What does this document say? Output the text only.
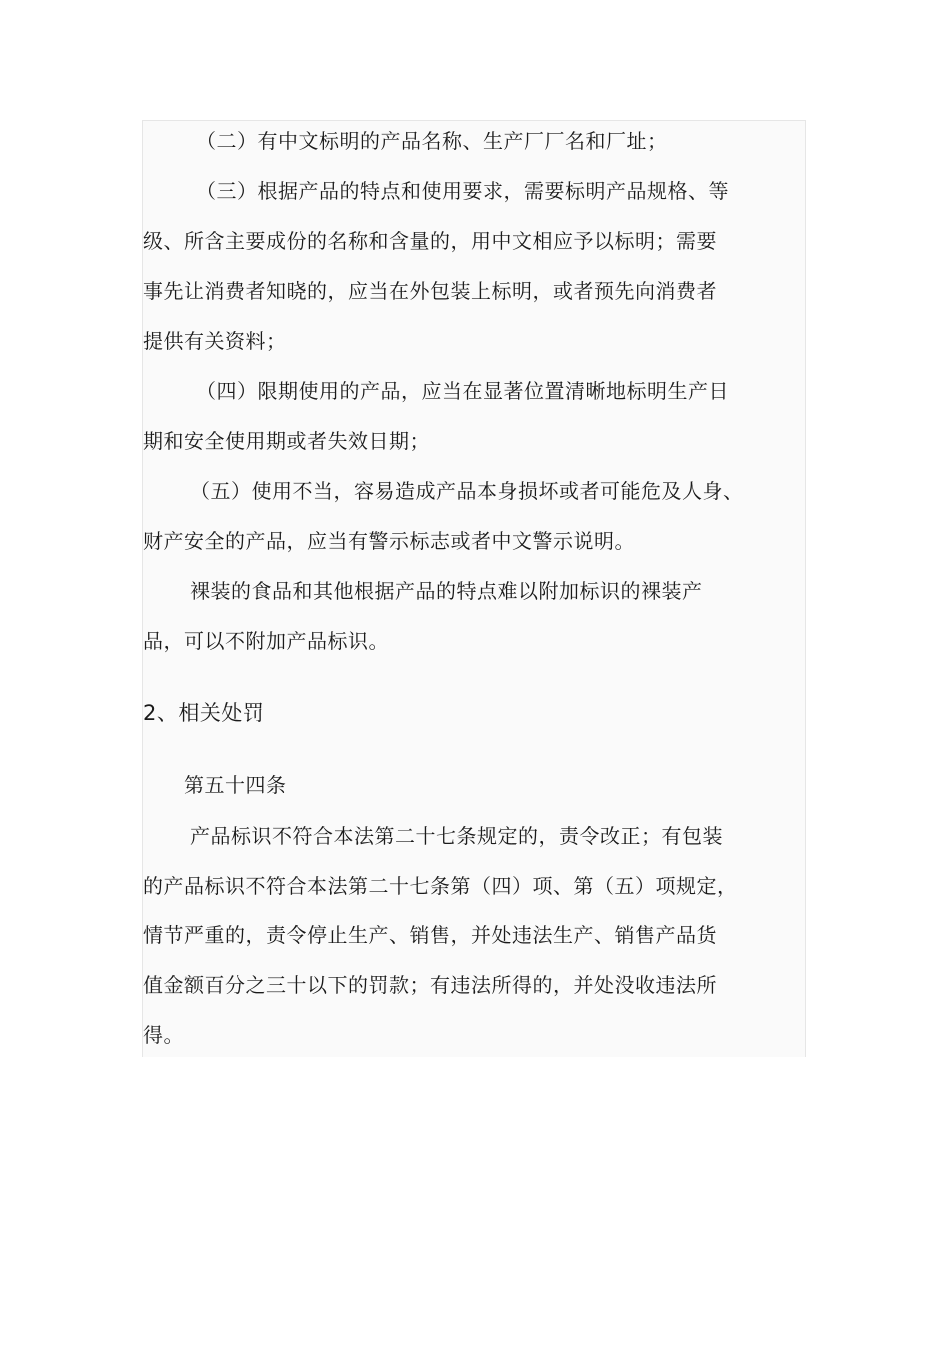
（二）有中文标明的产品名称、生产厂厂名和厂址；
（三）根据产品的特点和使用要求，需要标明产品规格、等
级、所含主要成份的名称和含量的，用中文相应予以标明；需要
事先让消费者知晓的，应当在外包装上标明，或者预先向消费者
提供有关资料；
（四）限期使用的产品，应当在显著位置清晰地标明生产日
期和安全使用期或者失效日期；
（五）使用不当，容易造成产品本身损坏或者可能危及人身、
财产安全的产品，应当有警示标志或者中文警示说明。
裸装的食品和其他根据产品的特点难以附加标识的裸装产
品，可以不附加产品标识。
2、相关处罚
第五十四条
产品标识不符合本法第二十七条规定的，责令改正；有包装
的产品标识不符合本法第二十七条第（四）项、第（五）项规定，
情节严重的，责令停止生产、销售，并处违法生产、销售产品货
值金额百分之三十以下的罚款；有违法所得的，并处没收违法所
得。
